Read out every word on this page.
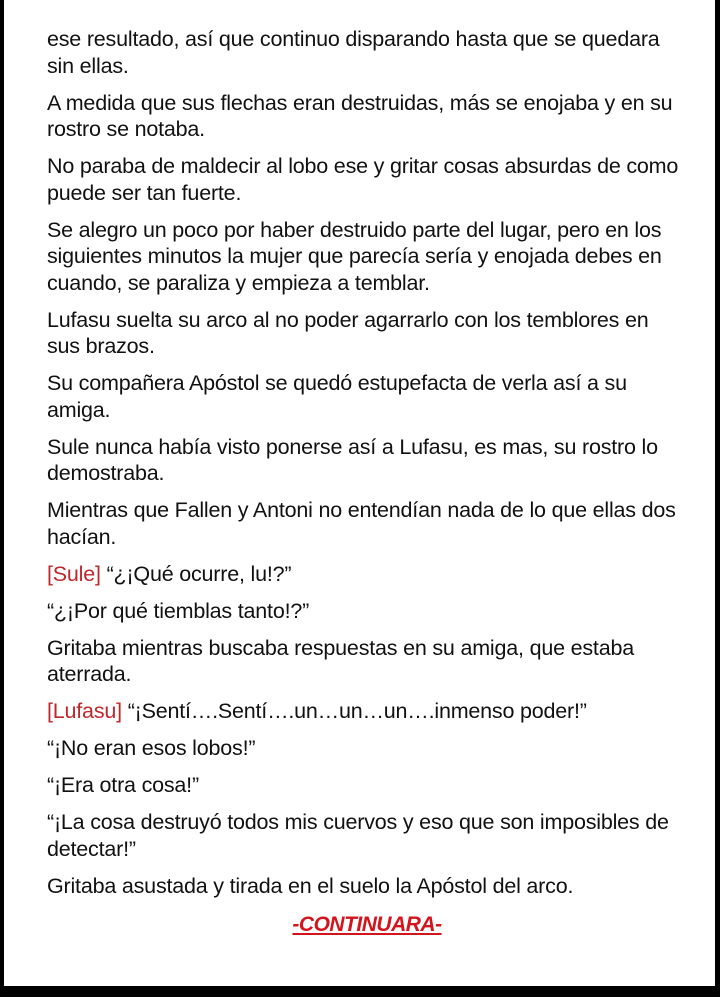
ese resultado, así que continuo disparando hasta que se quedara sin ellas.

A medida que sus flechas eran destruidas, más se enojaba y en su rostro se notaba.

No paraba de maldecir al lobo ese y gritar cosas absurdas de como puede ser tan fuerte.

Se alegro un poco por haber destruido parte del lugar, pero en los siguientes minutos la mujer que parecía sería y enojada debes en cuando, se paraliza y empieza a temblar.

Lufasu suelta su arco al no poder agarrarlo con los temblores en sus brazos.

Su compañera Apóstol se quedó estupefacta de verla así a su amiga.

Sule nunca había visto ponerse así a Lufasu, es mas, su rostro lo demostraba.

Mientras que Fallen y Antoni no entendían nada de lo que ellas dos hacían.

[Sule] “¿¡Qué ocurre, lu!?”

“¿¡Por qué tiemblas tanto!?”

Gritaba mientras buscaba respuestas en su amiga, que estaba aterrada.

[Lufasu] “¡Sentí….Sentí….un…un…un….inmenso poder!”

“¡No eran esos lobos!”

“¡Era otra cosa!”

“¡La cosa destruyó todos mis cuervos y eso que son imposibles de detectar!”

Gritaba asustada y tirada en el suelo la Apóstol del arco.

-CONTINUARA-
